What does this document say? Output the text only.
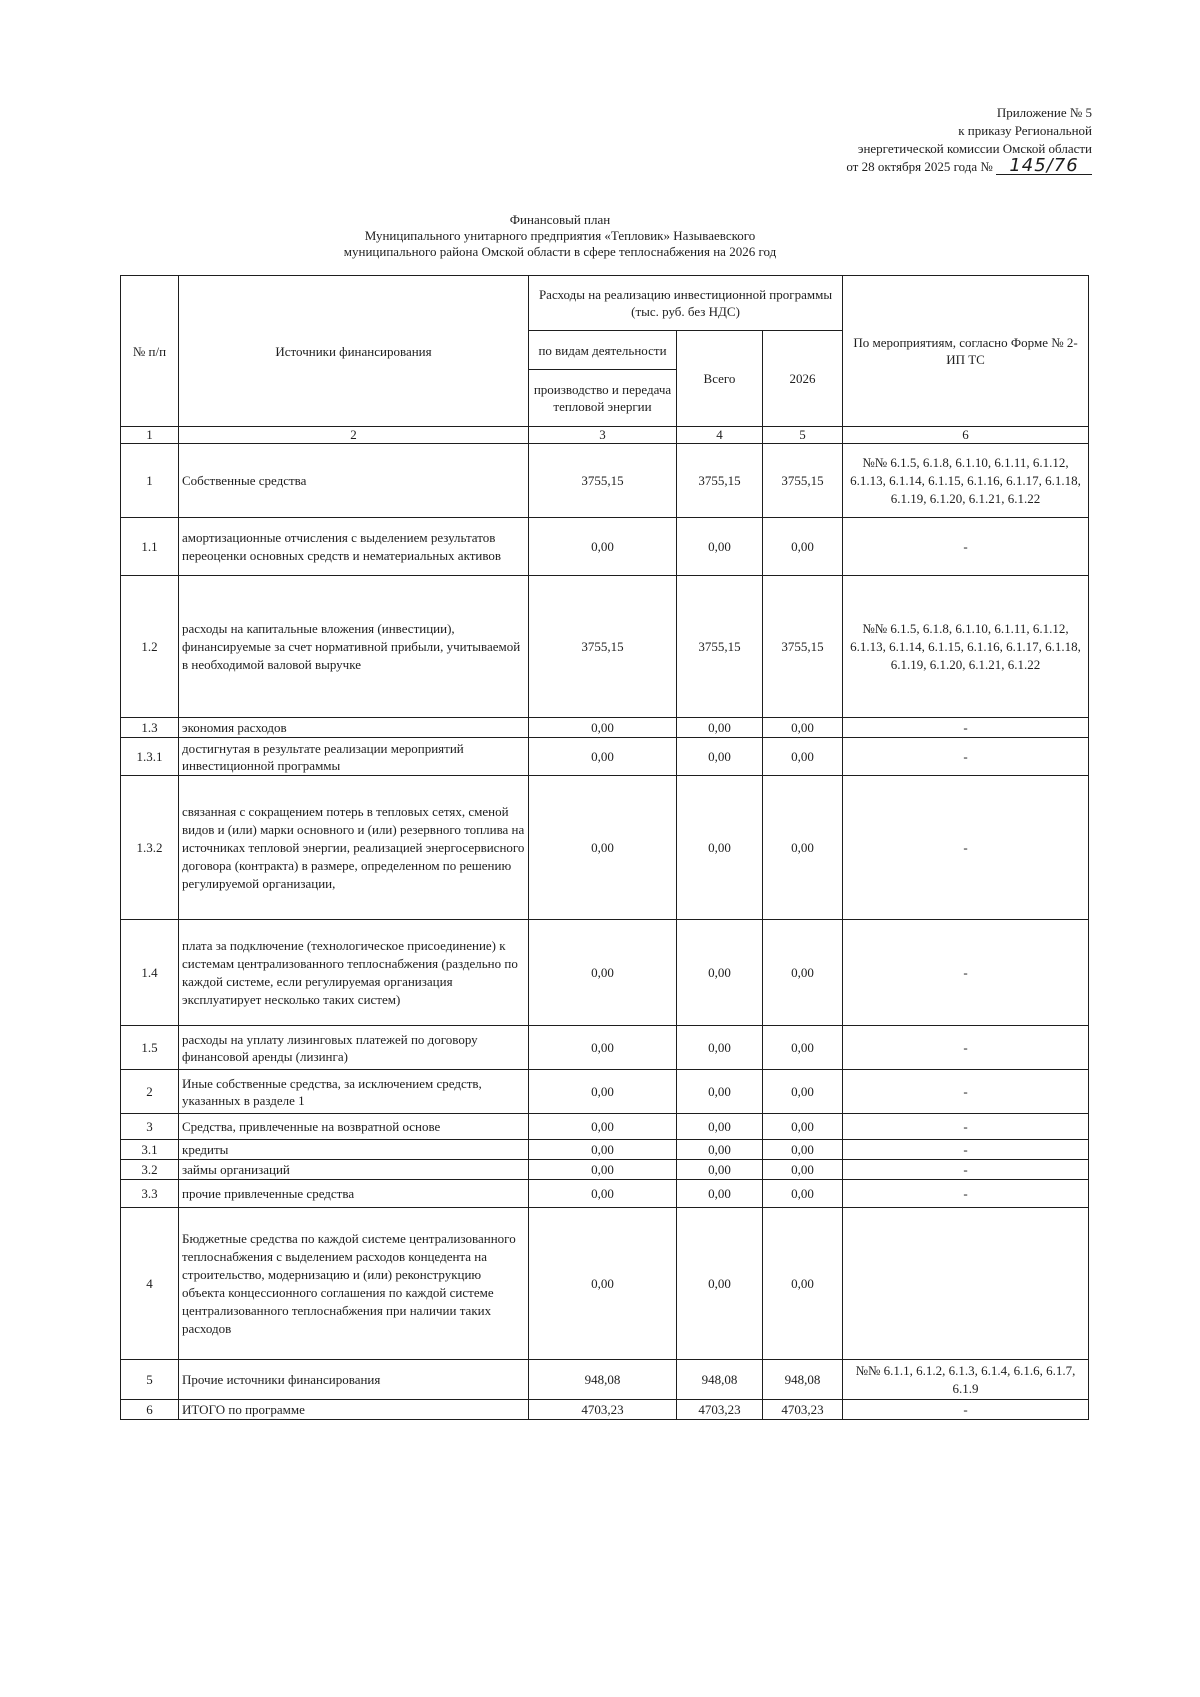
Приложение № 5
к приказу Региональной
энергетической комиссии Омской области
от 28 октября 2025 года № 145/76
Финансовый план
Муниципального унитарного предприятия «Тепловик» Называевского
муниципального района Омской области в сфере теплоснабжения на 2026 год
№ п/п	Источники финансирования	Расходы на реализацию инвестиционной программы (тыс. руб. без НДС)			По мероприятиям, согласно Форме № 2-ИП ТС
		по видам деятельности	Всего	2026	
		производство и передача тепловой энергии			
1	2	3	4	5	6
1	Собственные средства	3755,15	3755,15	3755,15	№№ 6.1.5, 6.1.8, 6.1.10, 6.1.11, 6.1.12, 6.1.13, 6.1.14, 6.1.15, 6.1.16, 6.1.17, 6.1.18, 6.1.19, 6.1.20, 6.1.21, 6.1.22
1.1	амортизационные отчисления с выделением результатов переоценки основных средств и нематериальных активов	0,00	0,00	0,00	-
1.2	расходы на капитальные вложения (инвестиции), финансируемые за счет нормативной прибыли, учитываемой в необходимой валовой выручке	3755,15	3755,15	3755,15	№№ 6.1.5, 6.1.8, 6.1.10, 6.1.11, 6.1.12, 6.1.13, 6.1.14, 6.1.15, 6.1.16, 6.1.17, 6.1.18, 6.1.19, 6.1.20, 6.1.21, 6.1.22
1.3	экономия расходов	0,00	0,00	0,00	-
1.3.1	достигнутая в результате реализации мероприятий инвестиционной программы	0,00	0,00	0,00	-
1.3.2	связанная с сокращением потерь в тепловых сетях, сменой видов и (или) марки основного и (или) резервного топлива на источниках тепловой энергии, реализацией энергосервисного договора (контракта) в размере, определенном по решению регулируемой организации,	0,00	0,00	0,00	-
1.4	плата за подключение (технологическое присоединение) к системам централизованного теплоснабжения (раздельно по каждой системе, если регулируемая организация эксплуатирует несколько таких систем)	0,00	0,00	0,00	-
1.5	расходы на уплату лизинговых платежей по договору финансовой аренды (лизинга)	0,00	0,00	0,00	-
2	Иные собственные средства, за исключением средств, указанных в разделе 1	0,00	0,00	0,00	-
3	Средства, привлеченные на возвратной основе	0,00	0,00	0,00	-
3.1	кредиты	0,00	0,00	0,00	-
3.2	займы организаций	0,00	0,00	0,00	-
3.3	прочие привлеченные средства	0,00	0,00	0,00	-
4	Бюджетные средства по каждой системе централизованного теплоснабжения с выделением расходов концедента на строительство, модернизацию и (или) реконструкцию объекта концессионного соглашения по каждой системе централизованного теплоснабжения при наличии таких расходов	0,00	0,00	0,00	
5	Прочие источники финансирования	948,08	948,08	948,08	№№ 6.1.1, 6.1.2, 6.1.3, 6.1.4, 6.1.6, 6.1.7, 6.1.9
6	ИТОГО по программе	4703,23	4703,23	4703,23	-
